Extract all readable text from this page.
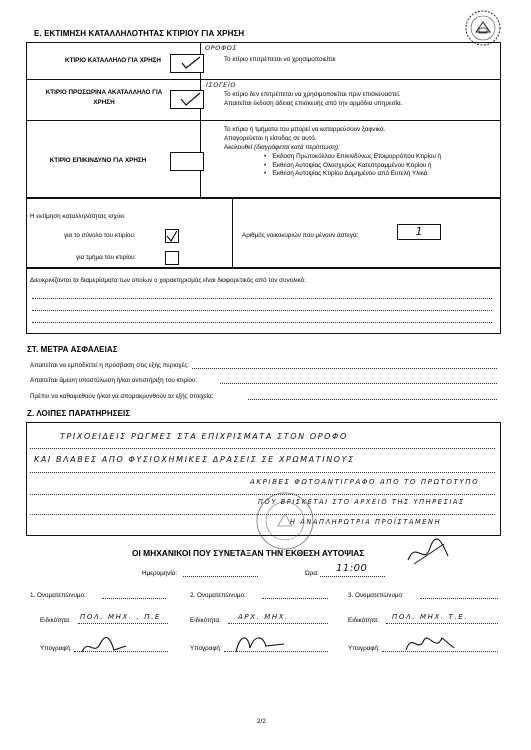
Ε. ΕΚΤΙΜΗΣΗ ΚΑΤΑΛΛΗΛΟΤΗΤΑΣ ΚΤΙΡΙΟΥ ΓΙΑ ΧΡΗΣΗ
ΚΤΙΡΙΟ ΚΑΤΑΛΛΗΛΟ ΓΙΑ ΧΡΗΣΗ
ΟΡΟΦΟΣ
Το κτίριο επιτρέπεται να χρησιμοποιείται
ΚΤΙΡΙΟ ΠΡΟΣΩΡΙΝΑ ΑΚΑΤΑΛΛΗΛΟ ΓΙΑ ΧΡΗΣΗ
ΙΣΟΓΕΙΟ
Το κτίριο δεν επιτρέπεται να χρησιμοποιείται πριν επισκευαστεί.
Απαιτείται έκδοση άδειας επισκευής από την αρμόδια υπηρεσία.
ΚΤΙΡΙΟ ΕΠΙΚΙΝΔΥΝΟ ΓΙΑ ΧΡΗΣΗ
Το κτίριο ή τμήματα του μπορεί να καταρρεύσουν ξαφνικά.
Απαγορεύεται η είσοδος σε αυτό.
Ακολουθεί (διαγράφεται κατά περίπτωση):
• Έκδοση Πρωτοκόλλου Επικινδύνως Ετοιμορρόπου Κτιρίου ή
• Έκθεση Αυτοψίας Ολοσχερώς Κατεστραμμένου Κτιρίου ή
• Έκθεση Αυτοψίας Κτιρίου Δομημένου από Ευτελή Υλικά
Η εκτίμηση καταλληλότητας ισχύει
για το σύνολο του κτιρίου:
για τμήμα του κτιρίου:
Αριθμός νοικοκυριών που μένουν άστεγα:	1
Διευκρινίζονται τα διαμερίσματα των οποίων ο χαρακτηρισμός είναι διαφορετικός από τον συνολικό:
ΣΤ. ΜΕΤΡΑ ΑΣΦΑΛΕΙΑΣ
Απαιτείται να εμποδιστεί η πρόσβαση στις εξής περιοχές:
Απαιτείται άμεση υποστύλωση ή/και αντιστήριξη του κτιρίου:
Πρέπει να καθαιρεθούν ή/και να απομακρυνθούν τα εξής στοιχεία:
Ζ. ΛΟΙΠΕΣ ΠΑΡΑΤΗΡΗΣΕΙΣ
ΤΡΙΧΟΕΙΔΕΙΣ ΡΩΓΜΕΣ ΣΤΑ ΕΠΙΧΡΙΣΜΑΤΑ ΣΤΟΝ ΟΡΟΦΟ
ΚΑΙ ΒΛΑΒΕΣ ΑΠΟ ΦΥΣΙΟΧΗΜΙΚΕΣ ΔΡΑΣΕΙΣ ΣΕ ΧΡΩΜΑΤΙΝΟΥΣ
ΑΚΡΙΒΕΣ ΦΩΤΟΑΝΤΙΓΡΑΦΟ ΑΠΟ ΤΟ ΠΡΩΤΟΤΥΠΟ
ΠΟΥ ΒΡΙΣΚΕΤΑΙ ΣΤΟ ΑΡΧΕΙΟ ΤΗΣ ΥΠΗΡΕΣΙΑΣ
Η ΑΝΑΠΛΗΡΩΤΡΙΑ ΠΡΟΪΣΤΑΜΕΝΗ
ΟΙ ΜΗΧΑΝΙΚΟΙ ΠΟΥ ΣΥΝΕΤΑΞΑΝ ΤΗΝ ΕΚΘΕΣΗ ΑΥΤΟΨΙΑΣ
Ημερομηνία:	Ώρα: 11:00
1. Ονοματεπώνυμο:
Ειδικότητα: ΠΟΛ. ΜΗΧ. , Π.Ε
Υπογραφή:
2. Ονοματεπώνυμο:
Ειδικότητα: ΑΡΧ. ΜΗΧ.
Υπογραφή:
3. Ονοματεπώνυμο:
Ειδικότητα: ΠΟΛ. ΜΗΧ. Τ.Ε.
Υπογραφή:
2/2
